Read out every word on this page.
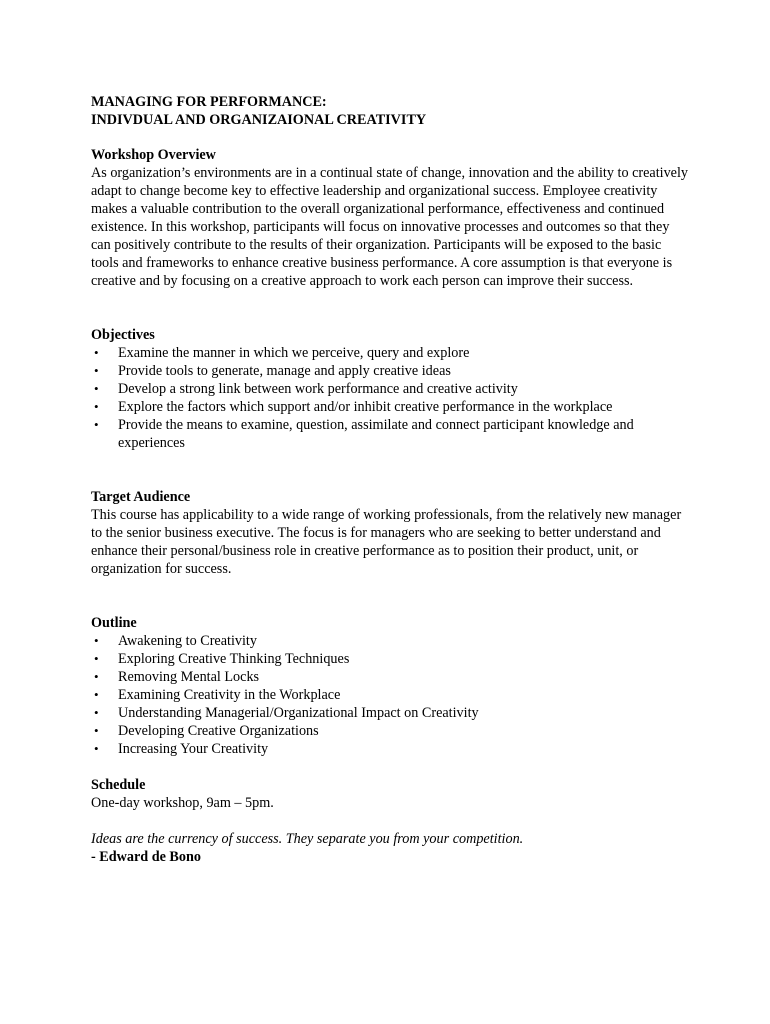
MANAGING FOR PERFORMANCE:

INDIVDUAL AND ORGANIZAIONAL CREATIVITY

Workshop Overview

As organization’s environments are in a continual state of change, innovation and the ability to creatively adapt to change become key to effective leadership and organizational success. Employee creativity makes a valuable contribution to the overall organizational performance, effectiveness and continued existence. In this workshop, participants will focus on innovative processes and outcomes so that they can positively contribute to the results of their organization. Participants will be exposed to the basic tools and frameworks to enhance creative business performance. A core assumption is that everyone is creative and by focusing on a creative approach to work each person can improve their success.

Objectives

• Examine the manner in which we perceive, query and explore
• Provide tools to generate, manage and apply creative ideas
• Develop a strong link between work performance and creative activity
• Explore the factors which support and/or inhibit creative performance in the workplace
• Provide the means to examine, question, assimilate and connect participant knowledge and experiences

Target Audience

This course has applicability to a wide range of working professionals, from the relatively new manager to the senior business executive. The focus is for managers who are seeking to better understand and enhance their personal/business role in creative performance as to position their product, unit, or organization for success.

Outline

• Awakening to Creativity
• Exploring Creative Thinking Techniques
• Removing Mental Locks
• Examining Creativity in the Workplace
• Understanding Managerial/Organizational Impact on Creativity
• Developing Creative Organizations
• Increasing Your Creativity

Schedule

One-day workshop, 9am – 5pm.

Ideas are the currency of success. They separate you from your competition.

- Edward de Bono
